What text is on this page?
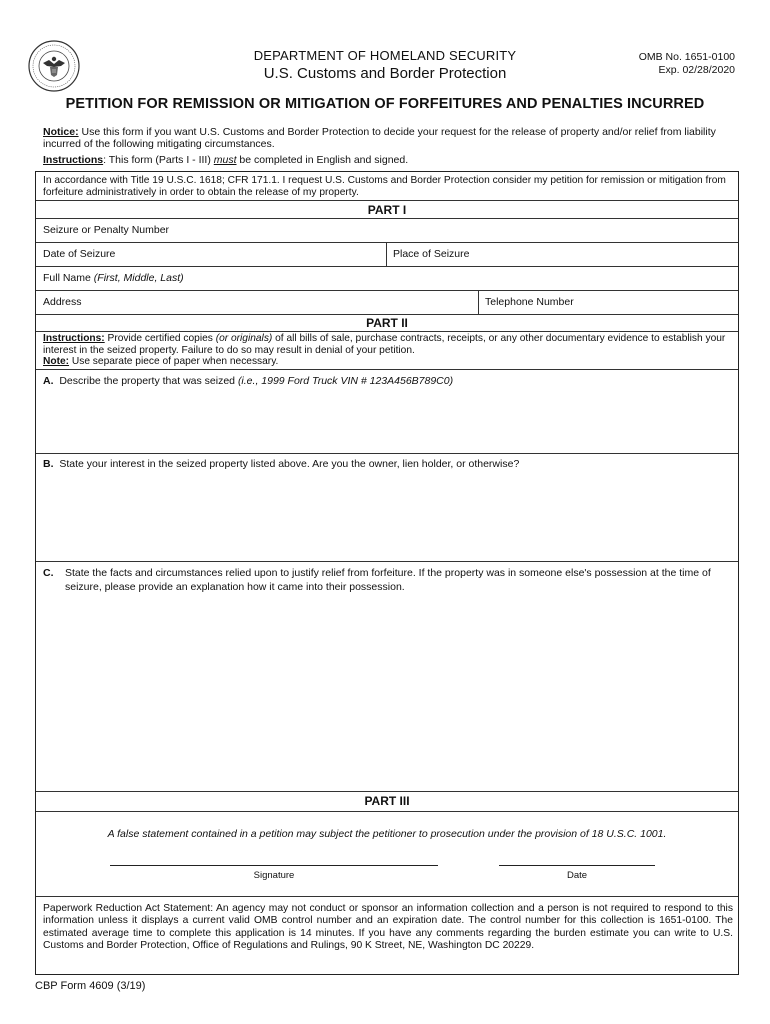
DEPARTMENT OF HOMELAND SECURITY
U.S. Customs and Border Protection
OMB No. 1651-0100
Exp. 02/28/2020
PETITION FOR REMISSION OR MITIGATION OF FORFEITURES AND PENALTIES INCURRED
Notice: Use this form if you want U.S. Customs and Border Protection to decide your request for the release of property and/or relief from liability incurred of the following mitigating circumstances.
Instructions: This form (Parts I - III) must be completed in English and signed.
In accordance with Title 19 U.S.C. 1618; CFR 171.1. I request U.S. Customs and Border Protection consider my petition for remission or mitigation from forfeiture administratively in order to obtain the release of my property.
PART I
Seizure or Penalty Number
Date of Seizure	Place of Seizure
Full Name (First, Middle, Last)
Address	Telephone Number
PART II
Instructions: Provide certified copies (or originals) of all bills of sale, purchase contracts, receipts, or any other documentary evidence to establish your interest in the seized property. Failure to do so may result in denial of your petition.
Note: Use separate piece of paper when necessary.
A. Describe the property that was seized (i.e., 1999 Ford Truck VIN # 123A456B789C0)
B. State your interest in the seized property listed above. Are you the owner, lien holder, or otherwise?
C.	State the facts and circumstances relied upon to justify relief from forfeiture. If the property was in someone else's possession at the time of seizure, please provide an explanation how it came into their possession.
PART III
A false statement contained in a petition may subject the petitioner to prosecution under the provision of 18 U.S.C. 1001.
Signature	Date
Paperwork Reduction Act Statement: An agency may not conduct or sponsor an information collection and a person is not required to respond to this information unless it displays a current valid OMB control number and an expiration date. The control number for this collection is 1651-0100. The estimated average time to complete this application is 14 minutes. If you have any comments regarding the burden estimate you can write to U.S. Customs and Border Protection, Office of Regulations and Rulings, 90 K Street, NE, Washington DC 20229.
CBP Form 4609 (3/19)
